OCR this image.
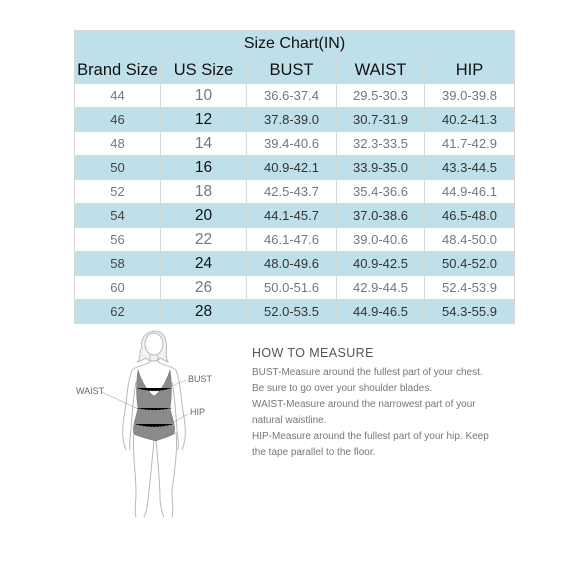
Size Chart(IN)				
Brand Size	US Size	BUST	WAIST	HIP
44	10	36.6-37.4	29.5-30.3	39.0-39.8
46	12	37.8-39.0	30.7-31.9	40.2-41.3
48	14	39.4-40.6	32.3-33.5	41.7-42.9
50	16	40.9-42.1	33.9-35.0	43.3-44.5
52	18	42.5-43.7	35.4-36.6	44.9-46.1
54	20	44.1-45.7	37.0-38.6	46.5-48.0
56	22	46.1-47.6	39.0-40.6	48.4-50.0
58	24	48.0-49.6	40.9-42.5	50.4-52.0
60	26	50.0-51.6	42.9-44.5	52.4-53.9
62	28	52.0-53.5	44.9-46.5	54.3-55.9
BUST
WAIST
HIP
HOW TO MEASURE
BUST-Measure around the fullest part of your chest.
Be sure to go over your shoulder blades.
WAIST-Measure around the narrowest part of your
natural waistline.
HIP-Measure around the fullest part of your hip. Keep
the tape parallel to the floor.
